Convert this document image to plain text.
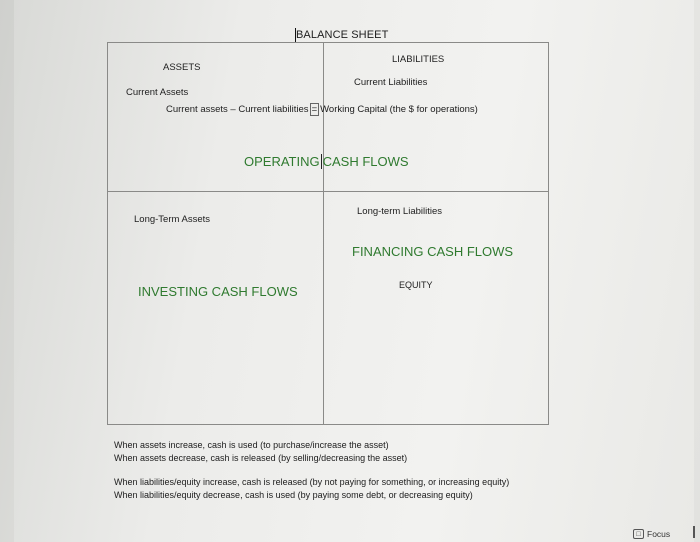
BALANCE SHEET
ASSETS
LIABILITIES
Current Assets
Current Liabilities
Current assets – Current liabilities = Working Capital (the $ for operations)
OPERATING CASH FLOWS
Long-Term Assets
Long-term Liabilities
FINANCING CASH FLOWS
INVESTING CASH FLOWS	EQUITY
When assets increase, cash is used (to purchase/increase the asset)
When assets decrease, cash is released (by selling/decreasing the asset)
When liabilities/equity increase, cash is released (by not paying for something, or increasing equity)
When liabilities/equity decrease, cash is used (by paying some debt, or decreasing equity)
□ Focus
